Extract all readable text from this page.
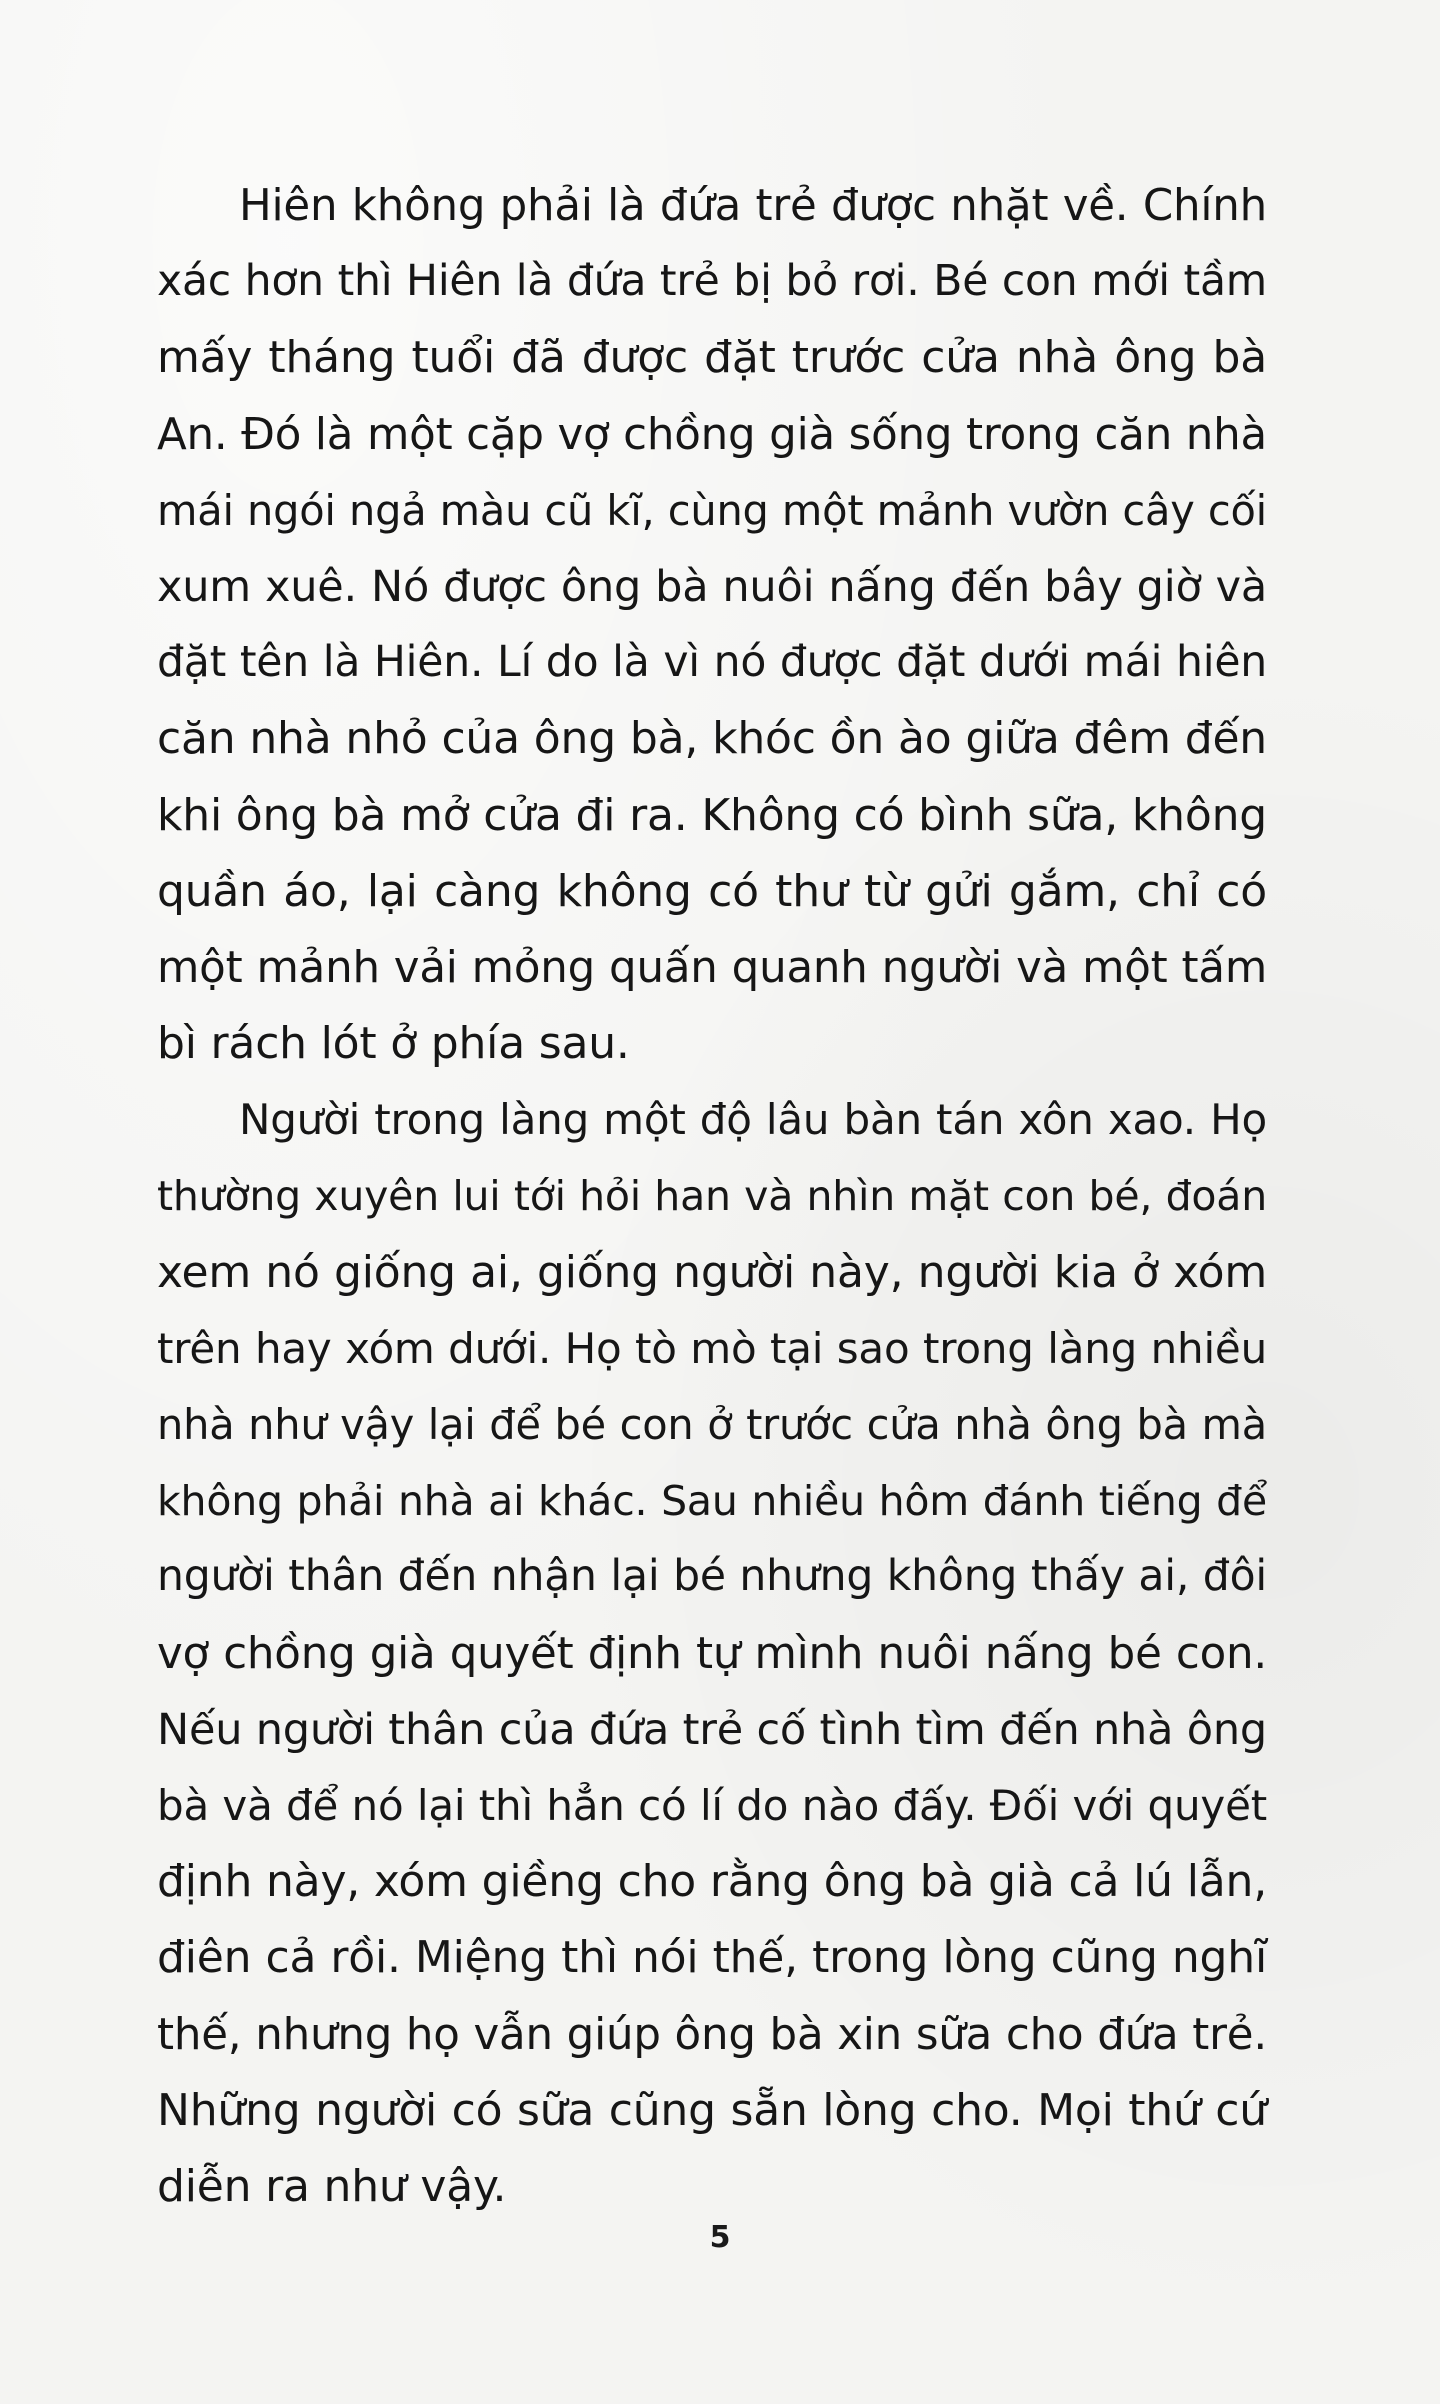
Hiên không phải là đứa trẻ được nhặt về. Chính
xác hơn thì Hiên là đứa trẻ bị bỏ rơi. Bé con mới tầm
mấy tháng tuổi đã được đặt trước cửa nhà ông bà
An. Đó là một cặp vợ chồng già sống trong căn nhà
mái ngói ngả màu cũ kĩ, cùng một mảnh vườn cây cối
xum xuê. Nó được ông bà nuôi nấng đến bây giờ và
đặt tên là Hiên. Lí do là vì nó được đặt dưới mái hiên
căn nhà nhỏ của ông bà, khóc ồn ào giữa đêm đến
khi ông bà mở cửa đi ra. Không có bình sữa, không
quần áo, lại càng không có thư từ gửi gắm, chỉ có
một mảnh vải mỏng quấn quanh người và một tấm
bì rách lót ở phía sau.
Người trong làng một độ lâu bàn tán xôn xao. Họ
thường xuyên lui tới hỏi han và nhìn mặt con bé, đoán
xem nó giống ai, giống người này, người kia ở xóm
trên hay xóm dưới. Họ tò mò tại sao trong làng nhiều
nhà như vậy lại để bé con ở trước cửa nhà ông bà mà
không phải nhà ai khác. Sau nhiều hôm đánh tiếng để
người thân đến nhận lại bé nhưng không thấy ai, đôi
vợ chồng già quyết định tự mình nuôi nấng bé con.
Nếu người thân của đứa trẻ cố tình tìm đến nhà ông
bà và để nó lại thì hẳn có lí do nào đấy. Đối với quyết
định này, xóm giềng cho rằng ông bà già cả lú lẫn,
điên cả rồi. Miệng thì nói thế, trong lòng cũng nghĩ
thế, nhưng họ vẫn giúp ông bà xin sữa cho đứa trẻ.
Những người có sữa cũng sẵn lòng cho. Mọi thứ cứ
diễn ra như vậy.
5
